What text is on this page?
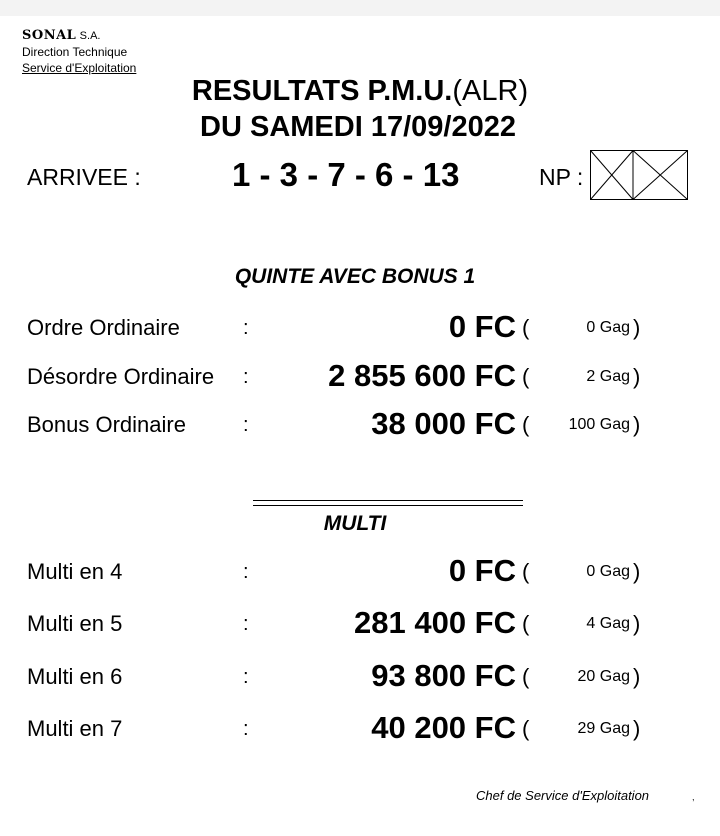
SONAL S.A.
Direction Technique
Service d'Exploitation
RESULTATS P.M.U.(ALR)
DU SAMEDI 17/09/2022
ARRIVEE :	1 - 3 - 7 - 6 - 13	NP :
QUINTE AVEC BONUS 1
Ordre Ordinaire	:	0 FC (	0 Gag )
Désordre Ordinaire :	2 855 600 FC (	2 Gag )
Bonus Ordinaire	:	38 000 FC ( 100 Gag )
MULTI
Multi en 4	:	0 FC (	0 Gag )
Multi en 5	:	281 400 FC (	4 Gag )
Multi en 6	:	93 800 FC (	20 Gag )
Multi en 7	:	40 200 FC (	29 Gag )
Chef de Service d'Exploitation	,
